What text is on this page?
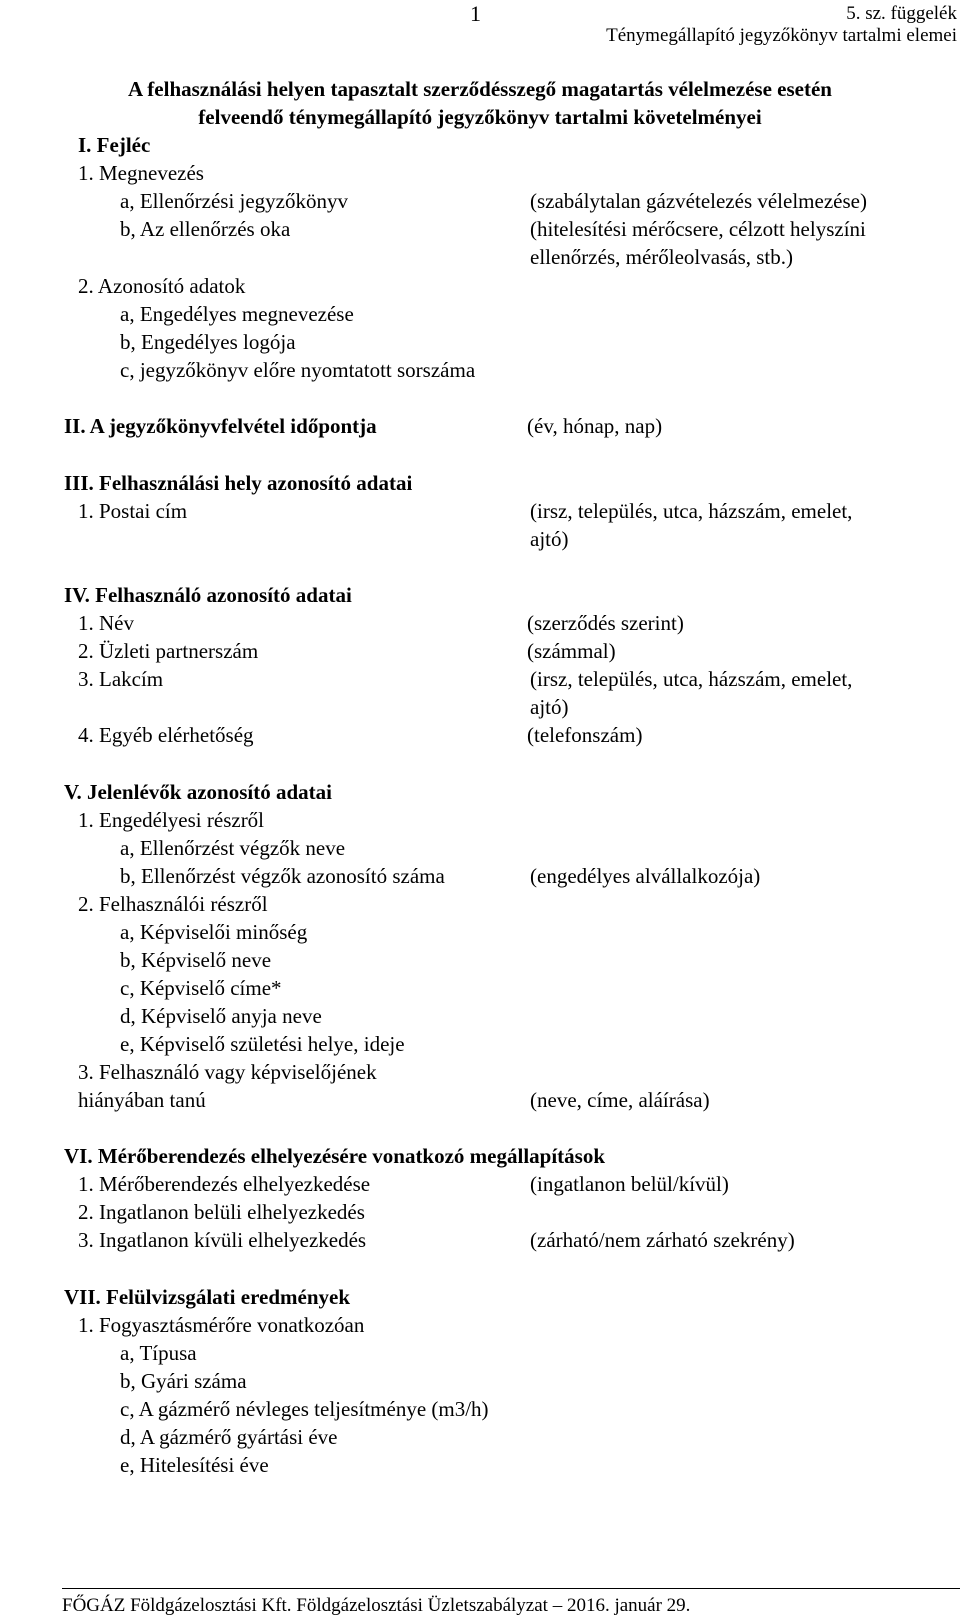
1	5. sz. függelék
Ténymegállapító jegyzőkönyv tartalmi elemei
A felhasználási helyen tapasztalt szerződésszegő magatartás vélelmezése esetén
felveendő ténymegállapító jegyzőkönyv tartalmi követelményei
I. Fejléc
1. Megnevezés
a, Ellenőrzési jegyzőkönyv	(szabálytalan gázvételezés vélelmezése)
b, Az ellenőrzés oka	(hitelesítési mérőcsere, célzott helyszíni
ellenőrzés, mérőleolvasás, stb.)
2. Azonosító adatok
a, Engedélyes megnevezése
b, Engedélyes logója
c, jegyzőkönyv előre nyomtatott sorszáma
II. A jegyzőkönyvfelvétel időpontja	(év, hónap, nap)
III. Felhasználási hely azonosító adatai
1. Postai cím	(irsz, település, utca, házszám, emelet,
ajtó)
IV. Felhasználó azonosító adatai
1. Név	(szerződés szerint)
2. Üzleti partnerszám	(számmal)
3. Lakcím	(irsz, település, utca, házszám, emelet,
ajtó)
4. Egyéb elérhetőség	(telefonszám)
V. Jelenlévők azonosító adatai
1. Engedélyesi részről
a, Ellenőrzést végzők neve
b, Ellenőrzést végzők azonosító száma	(engedélyes alvállalkozója)
2. Felhasználói részről
a, Képviselői minőség
b, Képviselő neve
c, Képviselő címe*
d, Képviselő anyja neve
e, Képviselő születési helye, ideje
3. Felhasználó vagy képviselőjének
hiányában tanú	(neve, címe, aláírása)
VI. Mérőberendezés elhelyezésére vonatkozó megállapítások
1. Mérőberendezés elhelyezkedése	(ingatlanon belül/kívül)
2. Ingatlanon belüli elhelyezkedés
3. Ingatlanon kívüli elhelyezkedés	(zárható/nem zárható szekrény)
VII. Felülvizsgálati eredmények
1. Fogyasztásmérőre vonatkozóan
a, Típusa
b, Gyári száma
c, A gázmérő névleges teljesítménye (m3/h)
d, A gázmérő gyártási éve
e, Hitelesítési éve
FŐGÁZ Földgázelosztási Kft. Földgázelosztási Üzletszabályzat – 2016. január 29.
